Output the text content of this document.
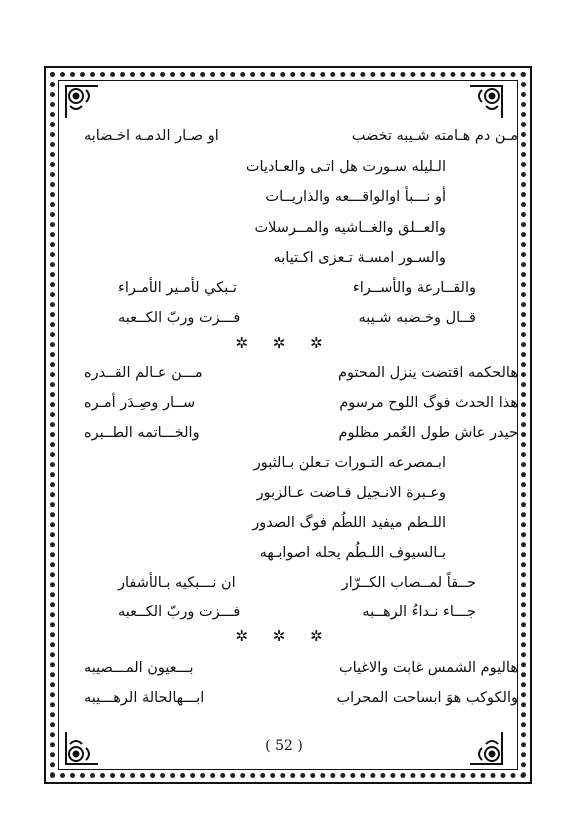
مـن دم هـامته شـيبه تخضب
او صـار الدمـه اخـضابه
الـليله سـورت هل اتـى والعـاديات
أو نـــبأ اوالواقـــعه والذاريــات
والعــلق والغــاشيه والمــرسلات
والسـور امسـة تـعزى اكـتيابه
والقــارعة والأســراء
تـبكي لأمـير الأمـراء
قــال وخـضبه شـيبه
فـــزت وربّ الكــعبه
✲ ✲ ✲
هالحكمه اقتضت ينزل المحتوم
مـــن عـالم القــدره
هذا الحدث فوگ اللوح مرسوم
ســار وصِـدَر أمـره
حيدر عاش طول العُمر مظلوم
والخـــاتمه الطــبره
ابـمصرعه التـورات تـعلن بـالثبور
وعـبرة الانـجيل فـاضت عـالزبور
اللـطم ميفيد اللطُم فوگ الصدور
بـالسيوف اللـطُم يحله اصوابـهه
حــقاً لمــصاب الكــرّار
ان نـــبكيه بـالأشفار
جـــاء نـداءُ الرهــبه
فـــزت وربّ الكــعبه
✲ ✲ ✲
هاليوم الشمس غابت والاغياب
بـــعيون المـــصيبه
والكوكب هوَ ابساحت المحراب
ابـــهالحالة الرهـــيبه
( 52 )
